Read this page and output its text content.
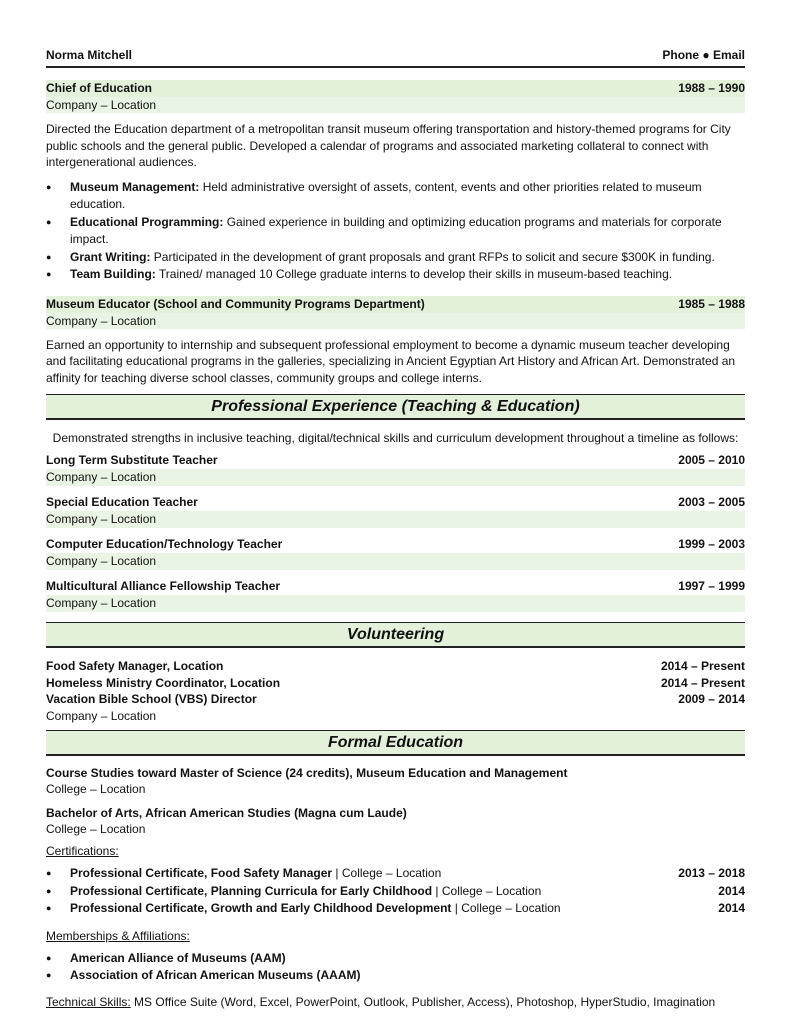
Norma Mitchell	Phone ● Email
Chief of Education	1988 – 1990
Company – Location
Directed the Education department of a metropolitan transit museum offering transportation and history-themed programs for City public schools and the general public. Developed a calendar of programs and associated marketing collateral to connect with intergenerational audiences.
● Museum Management: Held administrative oversight of assets, content, events and other priorities related to museum education.
● Educational Programming: Gained experience in building and optimizing education programs and materials for corporate impact.
● Grant Writing: Participated in the development of grant proposals and grant RFPs to solicit and secure $300K in funding.
● Team Building: Trained/ managed 10 College graduate interns to develop their skills in museum-based teaching.
Museum Educator (School and Community Programs Department)	1985 – 1988
Company – Location
Earned an opportunity to internship and subsequent professional employment to become a dynamic museum teacher developing and facilitating educational programs in the galleries, specializing in Ancient Egyptian Art History and African Art. Demonstrated an affinity for teaching diverse school classes, community groups and college interns.
Professional Experience (Teaching & Education)
Demonstrated strengths in inclusive teaching, digital/technical skills and curriculum development throughout a timeline as follows:
Long Term Substitute Teacher	2005 – 2010
Company – Location
Special Education Teacher	2003 – 2005
Company – Location
Computer Education/Technology Teacher	1999 – 2003
Company – Location
Multicultural Alliance Fellowship Teacher	1997 – 1999
Company – Location
Volunteering
Food Safety Manager, Location	2014 – Present
Homeless Ministry Coordinator, Location	2014 – Present
Vacation Bible School (VBS) Director	2009 – 2014
Company – Location
Formal Education
Course Studies toward Master of Science (24 credits), Museum Education and Management
College – Location
Bachelor of Arts, African American Studies (Magna cum Laude)
College – Location
Certifications:
● Professional Certificate, Food Safety Manager | College – Location	2013 – 2018
● Professional Certificate, Planning Curricula for Early Childhood | College – Location	2014
● Professional Certificate, Growth and Early Childhood Development | College – Location	2014
Memberships & Affiliations:
● American Alliance of Museums (AAM)
● Association of African American Museums (AAAM)
Technical Skills: MS Office Suite (Word, Excel, PowerPoint, Outlook, Publisher, Access), Photoshop, HyperStudio, Imagination
